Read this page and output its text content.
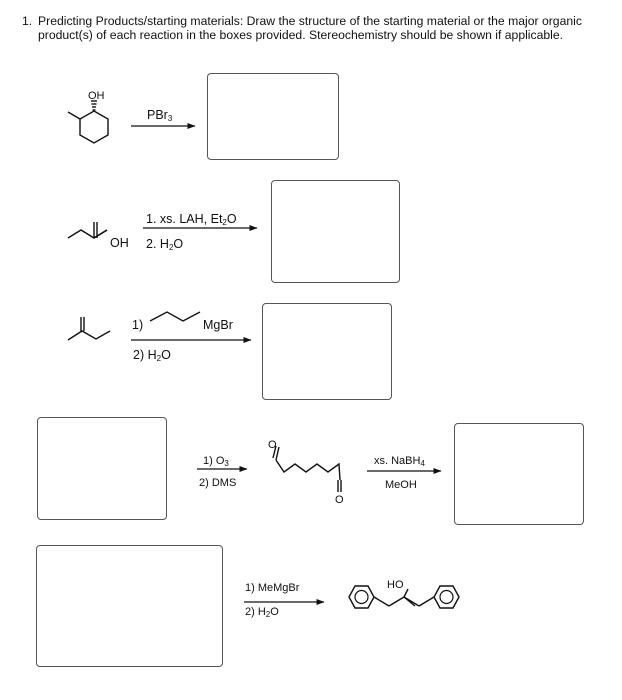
1. Predicting Products/starting materials: Draw the structure of the starting material or the major organic product(s) of each reaction in the boxes provided. Stereochemistry should be shown if applicable.
O
O
OH
PBr$_3$
OH
1. xs. LAH, $Et_2O$
2. $H_2O$
1)	MgBr
2) $H_2O$
1) $O_3$
2) DMS
xs. NaBH$_4$
MeOH
1) MeMgBr
2) $H_2O$
HO
